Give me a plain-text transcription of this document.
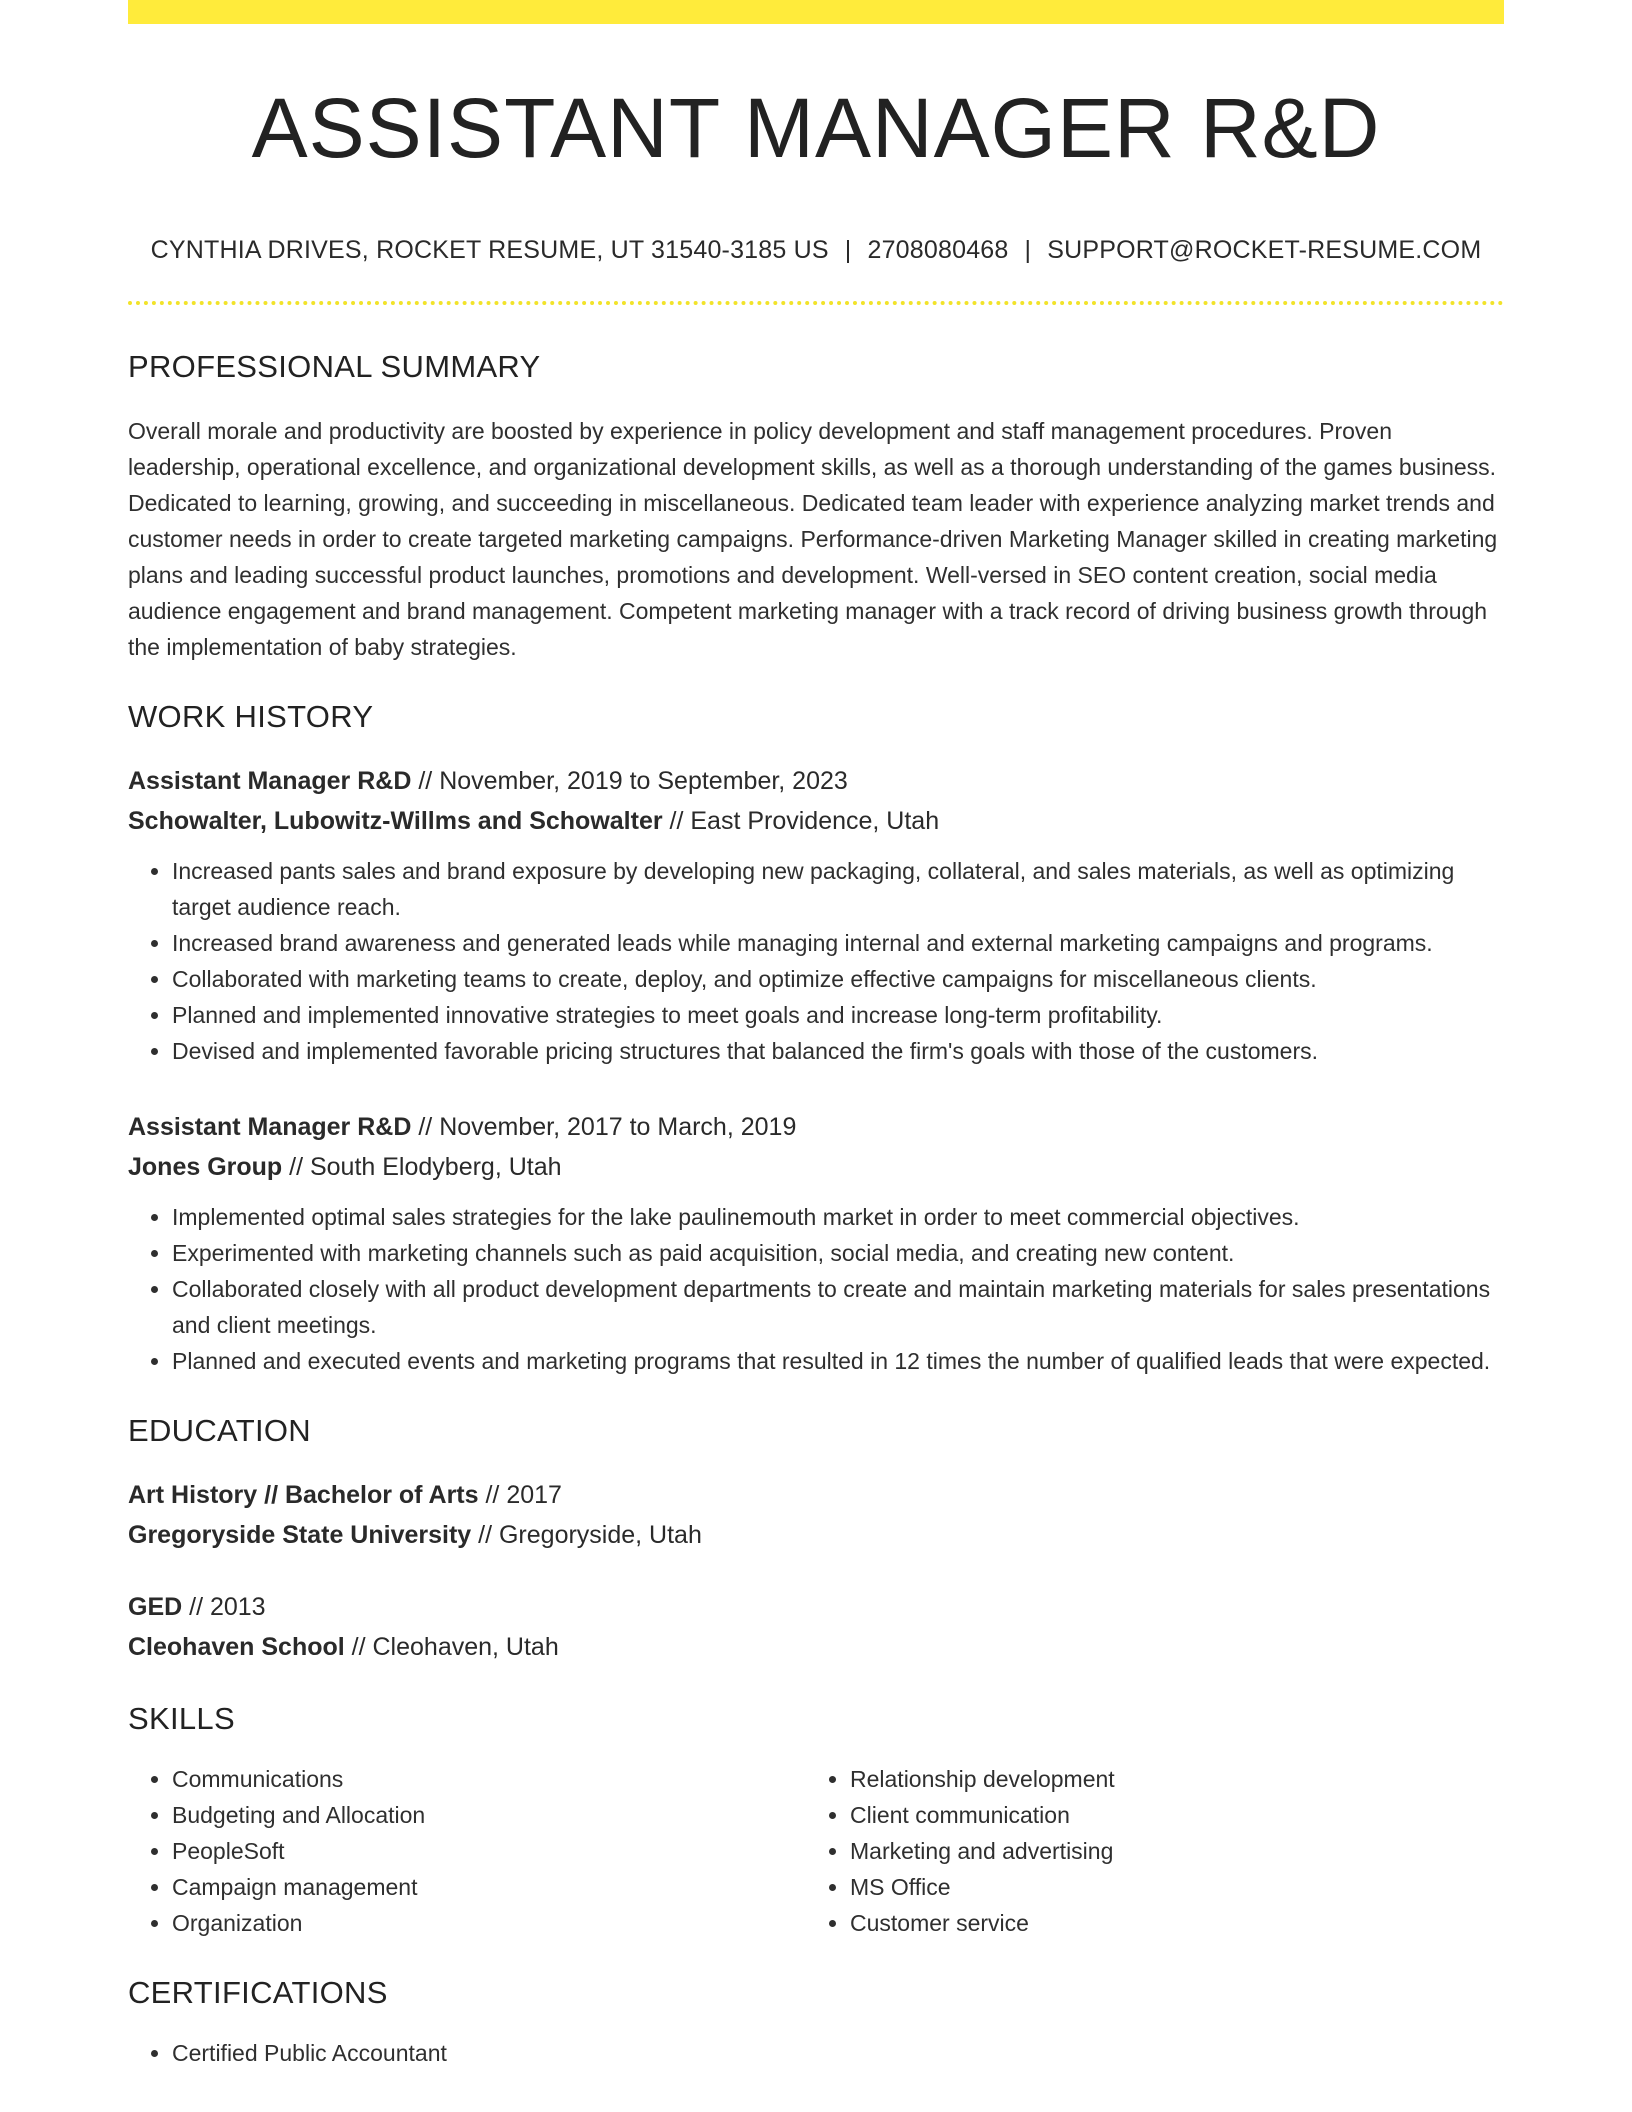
ASSISTANT MANAGER R&D
CYNTHIA DRIVES, ROCKET RESUME, UT 31540-3185 US | 2708080468 | SUPPORT@ROCKET-RESUME.COM
PROFESSIONAL SUMMARY

Overall morale and productivity are boosted by experience in policy development and staff management procedures. Proven leadership, operational excellence, and organizational development skills, as well as a thorough understanding of the games business. Dedicated to learning, growing, and succeeding in miscellaneous. Dedicated team leader with experience analyzing market trends and customer needs in order to create targeted marketing campaigns. Performance-driven Marketing Manager skilled in creating marketing plans and leading successful product launches, promotions and development. Well-versed in SEO content creation, social media audience engagement and brand management. Competent marketing manager with a track record of driving business growth through the implementation of baby strategies.

WORK HISTORY
Assistant Manager R&D // November, 2019 to September, 2023
Schowalter, Lubowitz-Willms and Schowalter // East Providence, Utah
• Increased pants sales and brand exposure by developing new packaging, collateral, and sales materials, as well as optimizing target audience reach.
• Increased brand awareness and generated leads while managing internal and external marketing campaigns and programs.
• Collaborated with marketing teams to create, deploy, and optimize effective campaigns for miscellaneous clients.
• Planned and implemented innovative strategies to meet goals and increase long-term profitability.
• Devised and implemented favorable pricing structures that balanced the firm's goals with those of the customers.
Assistant Manager R&D // November, 2017 to March, 2019
Jones Group // South Elodyberg, Utah
• Implemented optimal sales strategies for the lake paulinemouth market in order to meet commercial objectives.
• Experimented with marketing channels such as paid acquisition, social media, and creating new content.
• Collaborated closely with all product development departments to create and maintain marketing materials for sales presentations and client meetings.
• Planned and executed events and marketing programs that resulted in 12 times the number of qualified leads that were expected.
EDUCATION
Art History // Bachelor of Arts // 2017
Gregoryside State University // Gregoryside, Utah
GED // 2013
Cleohaven School // Cleohaven, Utah
SKILLS
• Communications
• Budgeting and Allocation
• PeopleSoft
• Campaign management
• Organization
• Relationship development
• Client communication
• Marketing and advertising
• MS Office
• Customer service
CERTIFICATIONS
• Certified Public Accountant
